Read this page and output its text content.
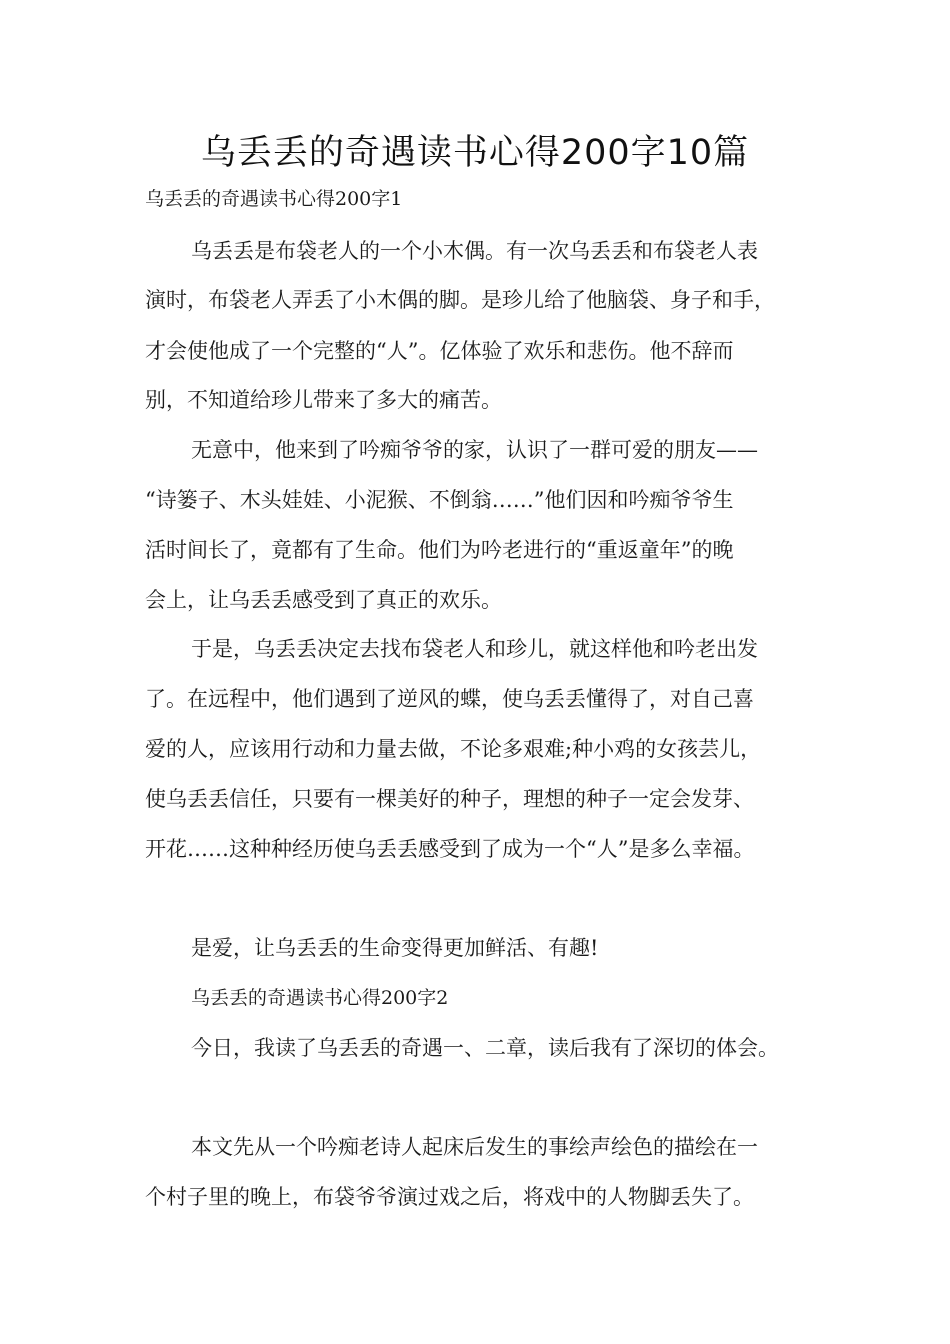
乌丢丢的奇遇读书心得200字10篇
乌丢丢的奇遇读书心得200字1
乌丢丢是布袋老人的一个小木偶。有一次乌丢丢和布袋老人表
演时，布袋老人弄丢了小木偶的脚。是珍儿给了他脑袋、身子和手，
才会使他成了一个完整的“人”。亿体验了欢乐和悲伤。他不辞而
别，不知道给珍儿带来了多大的痛苦。
无意中，他来到了吟痴爷爷的家，认识了一群可爱的朋友——
“诗篓子、木头娃娃、小泥猴、不倒翁……”他们因和吟痴爷爷生
活时间长了，竟都有了生命。他们为吟老进行的“重返童年”的晚
会上，让乌丢丢感受到了真正的欢乐。
于是，乌丢丢决定去找布袋老人和珍儿，就这样他和吟老出发
了。在远程中，他们遇到了逆风的蝶，使乌丢丢懂得了，对自己喜
爱的人，应该用行动和力量去做，不论多艰难;种小鸡的女孩芸儿，
使乌丢丢信任，只要有一棵美好的种子，理想的种子一定会发芽、
开花……这种种经历使乌丢丢感受到了成为一个“人”是多么幸福。
是爱，让乌丢丢的生命变得更加鲜活、有趣!
乌丢丢的奇遇读书心得200字2
今日，我读了乌丢丢的奇遇一、二章，读后我有了深切的体会。
本文先从一个吟痴老诗人起床后发生的事绘声绘色的描绘在一
个村子里的晚上，布袋爷爷演过戏之后，将戏中的人物脚丢失了。
